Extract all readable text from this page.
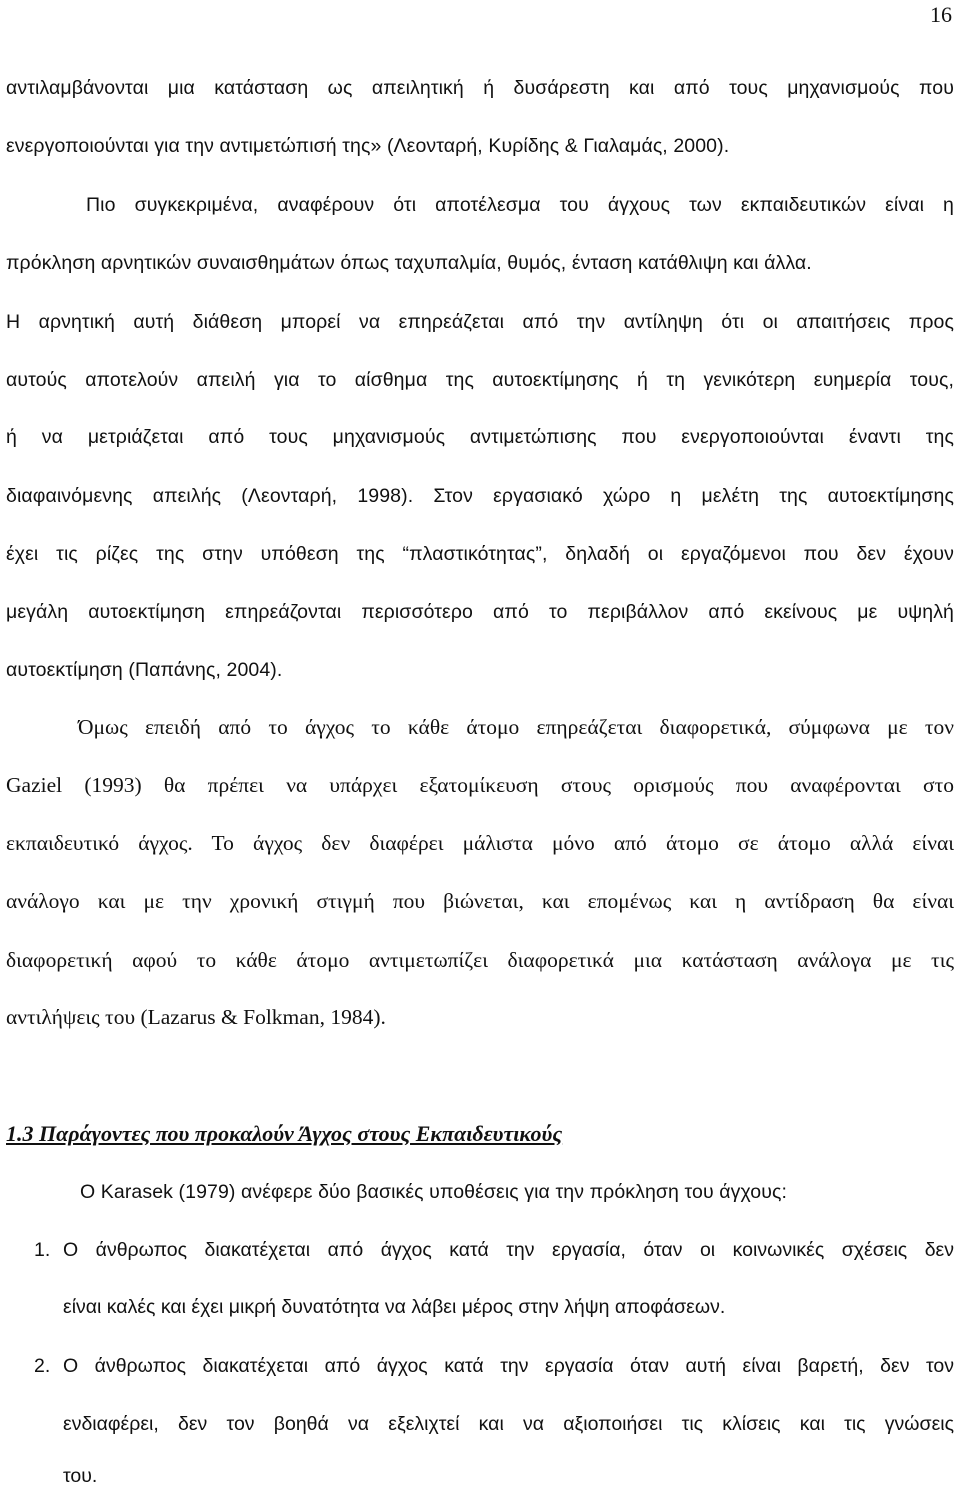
16
αντιλαμβάνονται μια κατάσταση ως απειλητική ή δυσάρεστη και από τους μηχανισμούς που
ενεργοποιούνται για την αντιμετώπισή της» (Λεονταρή, Κυρίδης & Γιαλαμάς, 2000).
Πιο συγκεκριμένα, αναφέρουν ότι αποτέλεσμα του άγχους των εκπαιδευτικών είναι η
πρόκληση αρνητικών συναισθημάτων όπως ταχυπαλμία, θυμός, ένταση κατάθλιψη και άλλα.
Η αρνητική αυτή διάθεση μπορεί να επηρεάζεται από την αντίληψη ότι οι απαιτήσεις προς
αυτούς αποτελούν απειλή για το αίσθημα της αυτοεκτίμησης ή τη γενικότερη ευημερία τους,
ή να μετριάζεται από τους μηχανισμούς αντιμετώπισης που ενεργοποιούνται έναντι της
διαφαινόμενης απειλής (Λεονταρή, 1998). Στον εργασιακό χώρο η μελέτη της αυτοεκτίμησης
έχει τις ρίζες της στην υπόθεση της “πλαστικότητας”, δηλαδή οι εργαζόμενοι που δεν έχουν
μεγάλη αυτοεκτίμηση επηρεάζονται περισσότερο από το περιβάλλον από εκείνους με υψηλή
αυτοεκτίμηση (Παπάνης, 2004).
Όμως επειδή από το άγχος το κάθε άτομο επηρεάζεται διαφορετικά, σύμφωνα με τον
Gaziel (1993) θα πρέπει να υπάρχει εξατομίκευση στους ορισμούς που αναφέρονται στο
εκπαιδευτικό άγχος. Το άγχος δεν διαφέρει μάλιστα μόνο από άτομο σε άτομο αλλά είναι
ανάλογο και με την χρονική στιγμή που βιώνεται, και επομένως και η αντίδραση θα είναι
διαφορετική αφού το κάθε άτομο αντιμετωπίζει διαφορετικά μια κατάσταση ανάλογα με τις
αντιλήψεις του (Lazarus & Folkman, 1984).
1.3 Παράγοντες που προκαλούν Άγχος στους Εκπαιδευτικούς
Ο Karasek (1979) ανέφερε δύο βασικές υποθέσεις για την πρόκληση του άγχους:
1. Ο άνθρωπος διακατέχεται από άγχος κατά την εργασία, όταν οι κοινωνικές σχέσεις δεν
είναι καλές και έχει μικρή δυνατότητα να λάβει μέρος στην λήψη αποφάσεων.
2. Ο άνθρωπος διακατέχεται από άγχος κατά την εργασία όταν αυτή είναι βαρετή, δεν τον
ενδιαφέρει, δεν τον βοηθά να εξελιχτεί και να αξιοποιήσει τις κλίσεις και τις γνώσεις
του.
